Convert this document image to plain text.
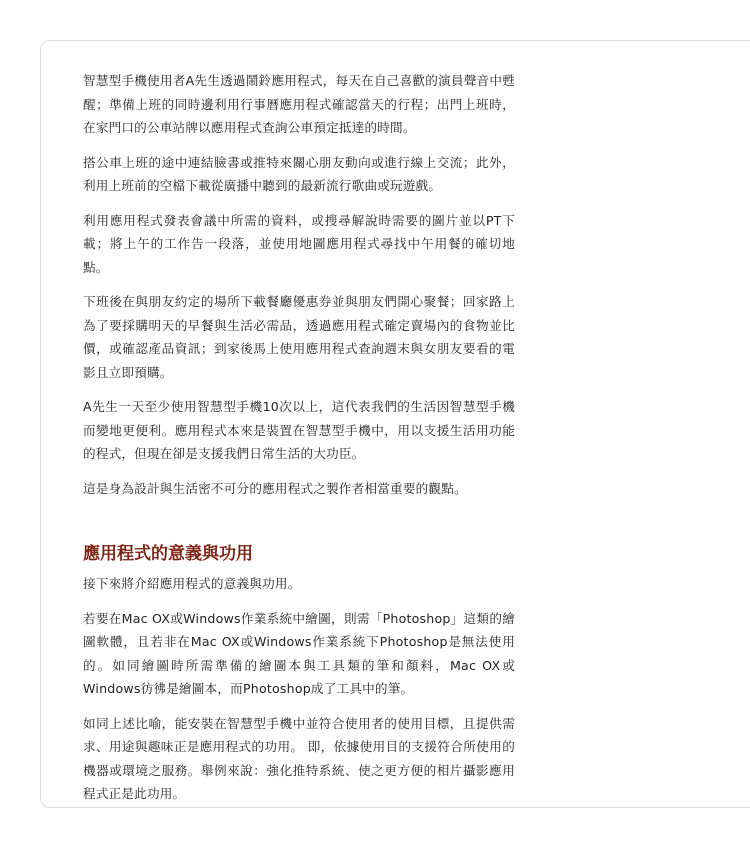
智慧型手機使用者A先生透過鬧鈴應用程式，每天在自己喜歡的演員聲音中甦醒；準備上班的同時邊利用行事曆應用程式確認當天的行程；出門上班時，在家門口的公車站牌以應用程式查詢公車預定抵達的時間。

搭公車上班的途中連結臉書或推特來關心朋友動向或進行線上交流；此外，利用上班前的空檔下載從廣播中聽到的最新流行歌曲或玩遊戲。

利用應用程式發表會議中所需的資料，或搜尋解說時需要的圖片並以PT下載；將上午的工作告一段落，並使用地圖應用程式尋找中午用餐的確切地點。

下班後在與朋友約定的場所下載餐廳優惠券並與朋友們開心聚餐；回家路上為了要採購明天的早餐與生活必需品，透過應用程式確定賣場內的食物並比價，或確認產品資訊；到家後馬上使用應用程式查詢週末與女朋友要看的電影且立即預購。

A先生一天至少使用智慧型手機10次以上，這代表我們的生活因智慧型手機而變地更便利。應用程式本來是裝置在智慧型手機中，用以支援生活用功能的程式，但現在卻是支援我們日常生活的大功臣。

這是身為設計與生活密不可分的應用程式之製作者相當重要的觀點。

應用程式的意義與功用

接下來將介紹應用程式的意義與功用。

若要在Mac OX或Windows作業系統中繪圖，則需「Photoshop」這類的繪圖軟體，且若非在Mac OX或Windows作業系統下Photoshop是無法使用的。如同繪圖時所需準備的繪圖本與工具類的筆和顏料，Mac OX或Windows彷彿是繪圖本，而Photoshop成了工具中的筆。

如同上述比喻，能安裝在智慧型手機中並符合使用者的使用目標，且提供需求、用途與趣味正是應用程式的功用。 即，依據使用目的支援符合所使用的機器或環境之服務。舉例來說：強化推特系統、使之更方便的相片攝影應用程式正是此功用。
